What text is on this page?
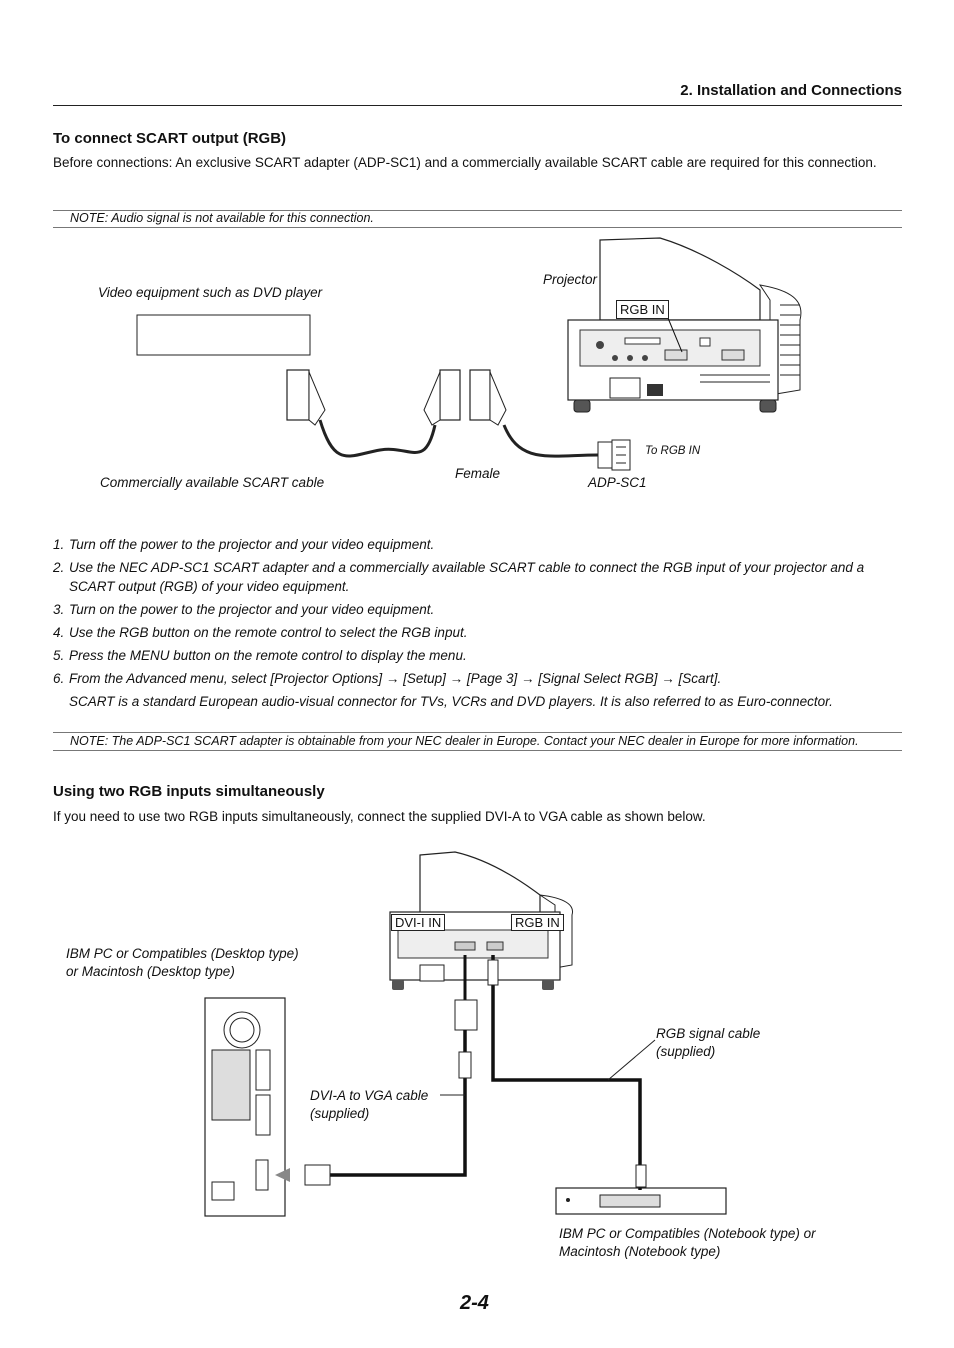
2. Installation and Connections
To connect SCART output (RGB)
Before connections: An exclusive SCART adapter (ADP-SC1) and a commercially available SCART cable are required for this connection.
NOTE: Audio signal is not available for this connection.
Video equipment such as DVD player
Projector
RGB IN
To RGB IN
Female
ADP-SC1
Commercially available SCART cable
1. Turn off the power to the projector and your video equipment.
2. Use the NEC ADP-SC1 SCART adapter and a commercially available SCART cable to connect the RGB input of your projector and a SCART output (RGB) of your video equipment.
3. Turn on the power to the projector and your video equipment.
4. Use the RGB button on the remote control to select the RGB input.
5. Press the MENU button on the remote control to display the menu.
6. From the Advanced menu, select [Projector Options] → [Setup] → [Page 3] → [Signal Select RGB] → [Scart].
SCART is a standard European audio-visual connector for TVs, VCRs and DVD players. It is also referred to as Euro-connector.
NOTE: The ADP-SC1 SCART adapter is obtainable from your NEC dealer in Europe. Contact your NEC dealer in Europe for more information.
Using two RGB inputs simultaneously
If you need to use two RGB inputs simultaneously, connect the supplied DVI-A to VGA cable as shown below.
DVI-I IN	RGB IN
IBM PC or Compatibles (Desktop type) or Macintosh (Desktop type)
RGB signal cable (supplied)
DVI-A to VGA cable (supplied)
IBM PC or Compatibles (Notebook type) or Macintosh (Notebook type)
2-4
